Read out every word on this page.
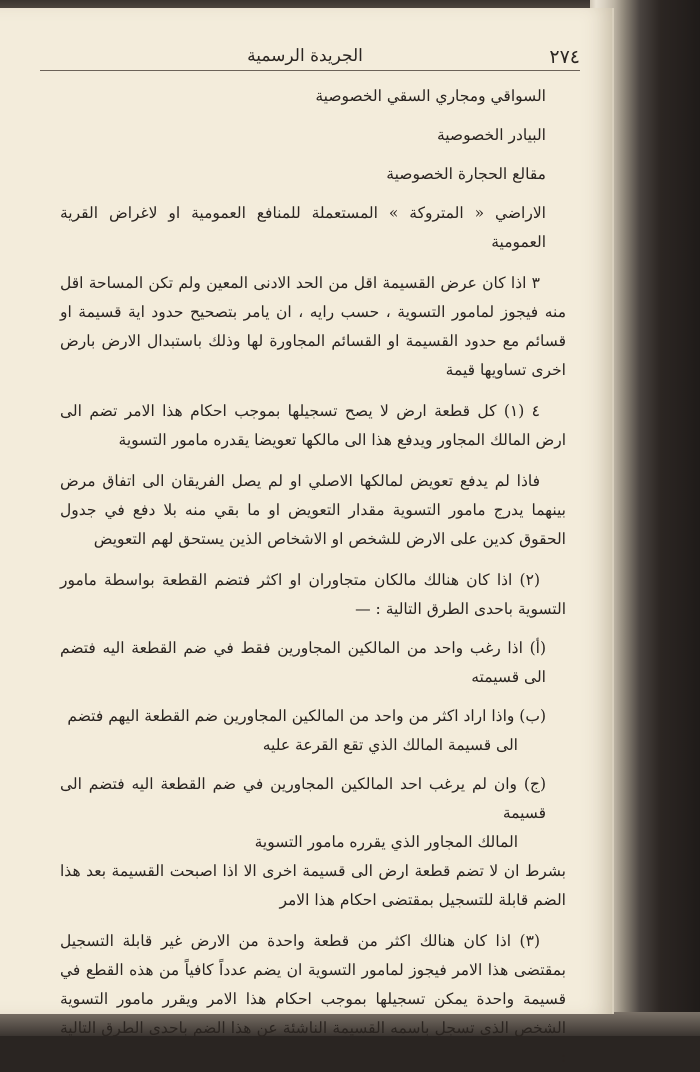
الجريدة الرسمية	٢٧٤

السواقي ومجاري السقي الخصوصية

البيادر الخصوصية

مقالع الحجارة الخصوصية

الاراضي « المتروكة » المستعملة للمنافع العمومية او لاغراض القرية العمومية

٣ اذا كان عرض القسيمة اقل من الحد الادنى المعين ولم تكن المساحة اقل منه فيجوز لمامور التسوية ، حسب رايه ، ان يامر بتصحيح حدود اية قسيمة او قسائم مع حدود القسيمة او القسائم المجاورة لها وذلك باستبدال الارض بارض اخرى تساويها قيمة

٤ (١) كل قطعة ارض لا يصح تسجيلها بموجب احكام هذا الامر تضم الى ارض المالك المجاور ويدفع هذا الى مالكها تعويضا يقدره مامور التسوية

فاذا لم يدفع تعويض لمالكها الاصلي او لم يصل الفريقان الى اتفاق مرض بينهما يدرج مامور التسوية مقدار التعويض او ما بقي منه بلا دفع في جدول الحقوق كدين على الارض للشخص او الاشخاص الذين يستحق لهم التعويض

(٢) اذا كان هنالك مالكان متجاوران او اكثر فتضم القطعة بواسطة مامور التسوية باحدى الطرق التالية : —

(أ) اذا رغب واحد من المالكين المجاورين فقط في ضم القطعة اليه فتضم الى قسيمته

(ب) واذا اراد اكثر من واحد من المالكين المجاورين ضم القطعة اليهم فتضم

الى قسيمة المالك الذي تقع القرعة عليه

(ج) وان لم يرغب احد المالكين المجاورين في ضم القطعة اليه فتضم الى قسيمة

المالك المجاور الذي يقرره مامور التسوية

بشرط ان لا تضم قطعة ارض الى قسيمة اخرى الا اذا اصبحت القسيمة بعد هذا الضم قابلة للتسجيل بمقتضى احكام هذا الامر

(٣) اذا كان هنالك اكثر من قطعة واحدة من الارض غير قابلة التسجيل بمقتضى هذا الامر فيجوز لمامور التسوية ان يضم عدداً كافياً من هذه القطع في قسيمة واحدة يمكن تسجيلها بموجب احكام هذا الامر ويقرر مامور التسوية الشخص الذي تسجل باسمه القسيمة الناشئة عن هذا الضم باحدى الطرق التالية :
